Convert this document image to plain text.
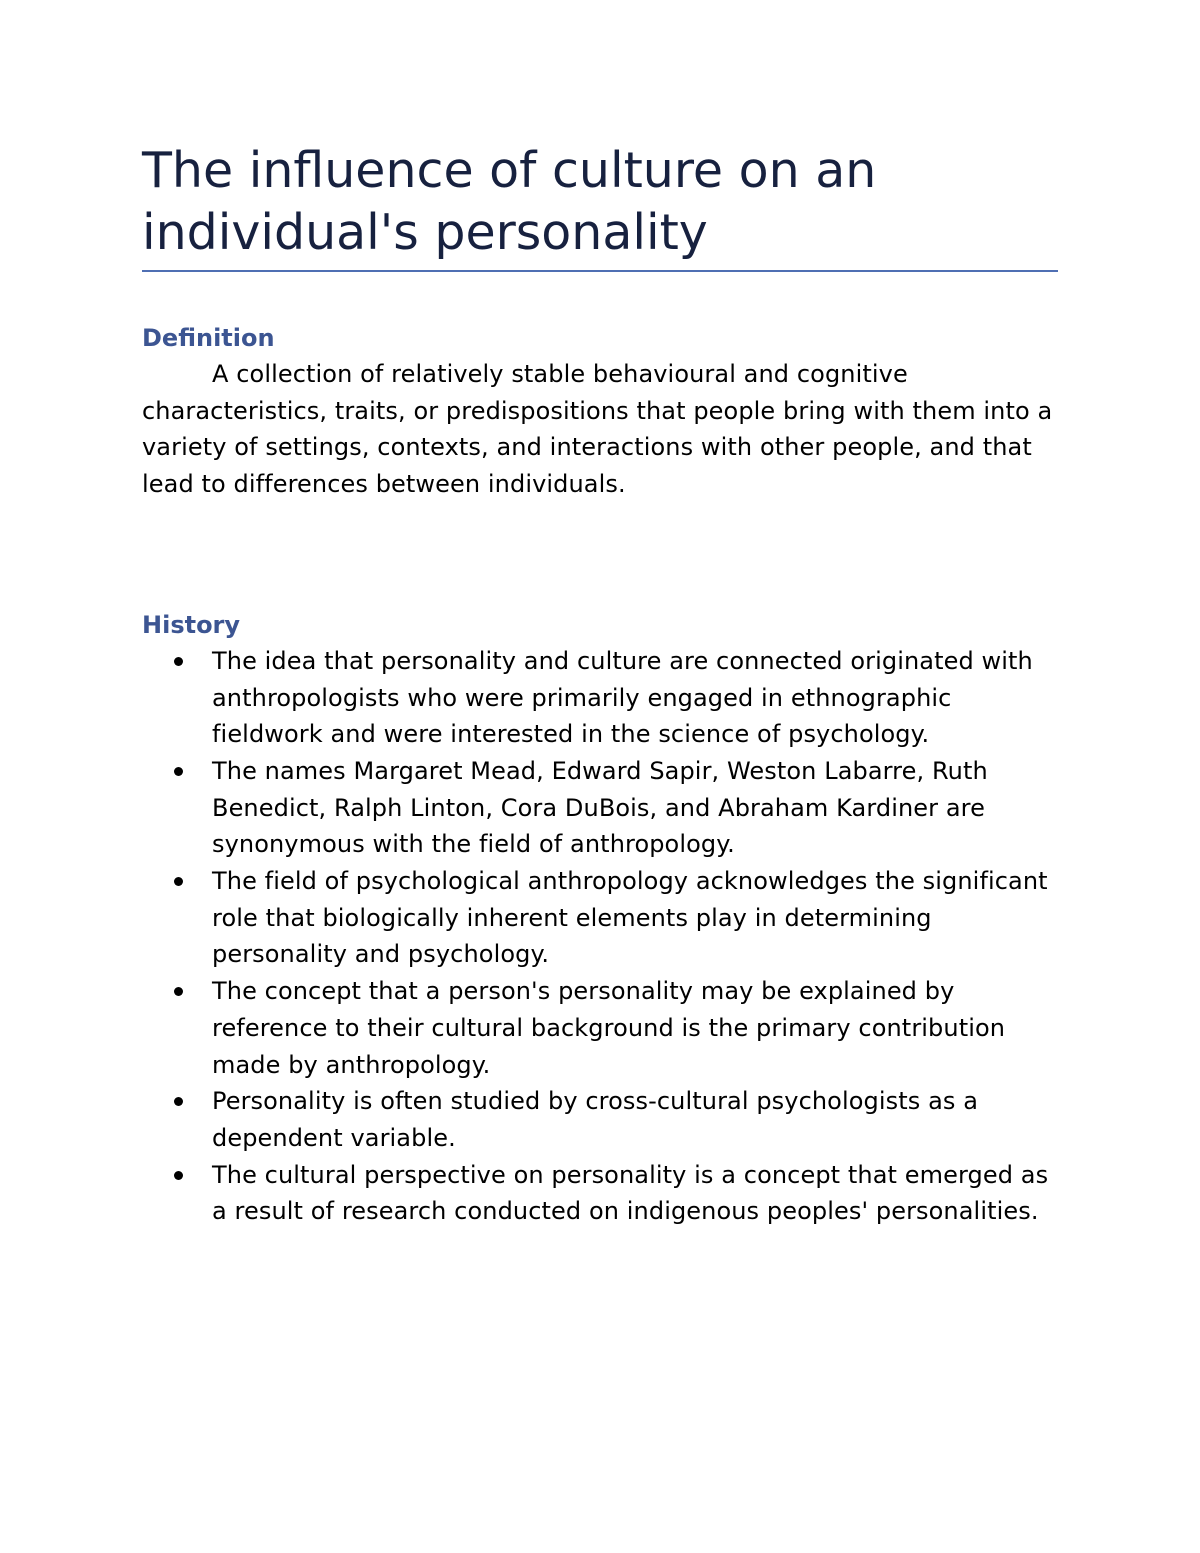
The influence of culture on an individual's personality
Definition

A collection of relatively stable behavioural and cognitive characteristics, traits, or predispositions that people bring with them into a variety of settings, contexts, and interactions with other people, and that lead to differences between individuals.

History
The idea that personality and culture are connected originated with anthropologists who were primarily engaged in ethnographic fieldwork and were interested in the science of psychology.
The names Margaret Mead, Edward Sapir, Weston Labarre, Ruth Benedict, Ralph Linton, Cora DuBois, and Abraham Kardiner are synonymous with the field of anthropology.
The field of psychological anthropology acknowledges the significant role that biologically inherent elements play in determining personality and psychology.
The concept that a person's personality may be explained by reference to their cultural background is the primary contribution made by anthropology.
Personality is often studied by cross-cultural psychologists as a dependent variable.
The cultural perspective on personality is a concept that emerged as a result of research conducted on indigenous peoples' personalities.
